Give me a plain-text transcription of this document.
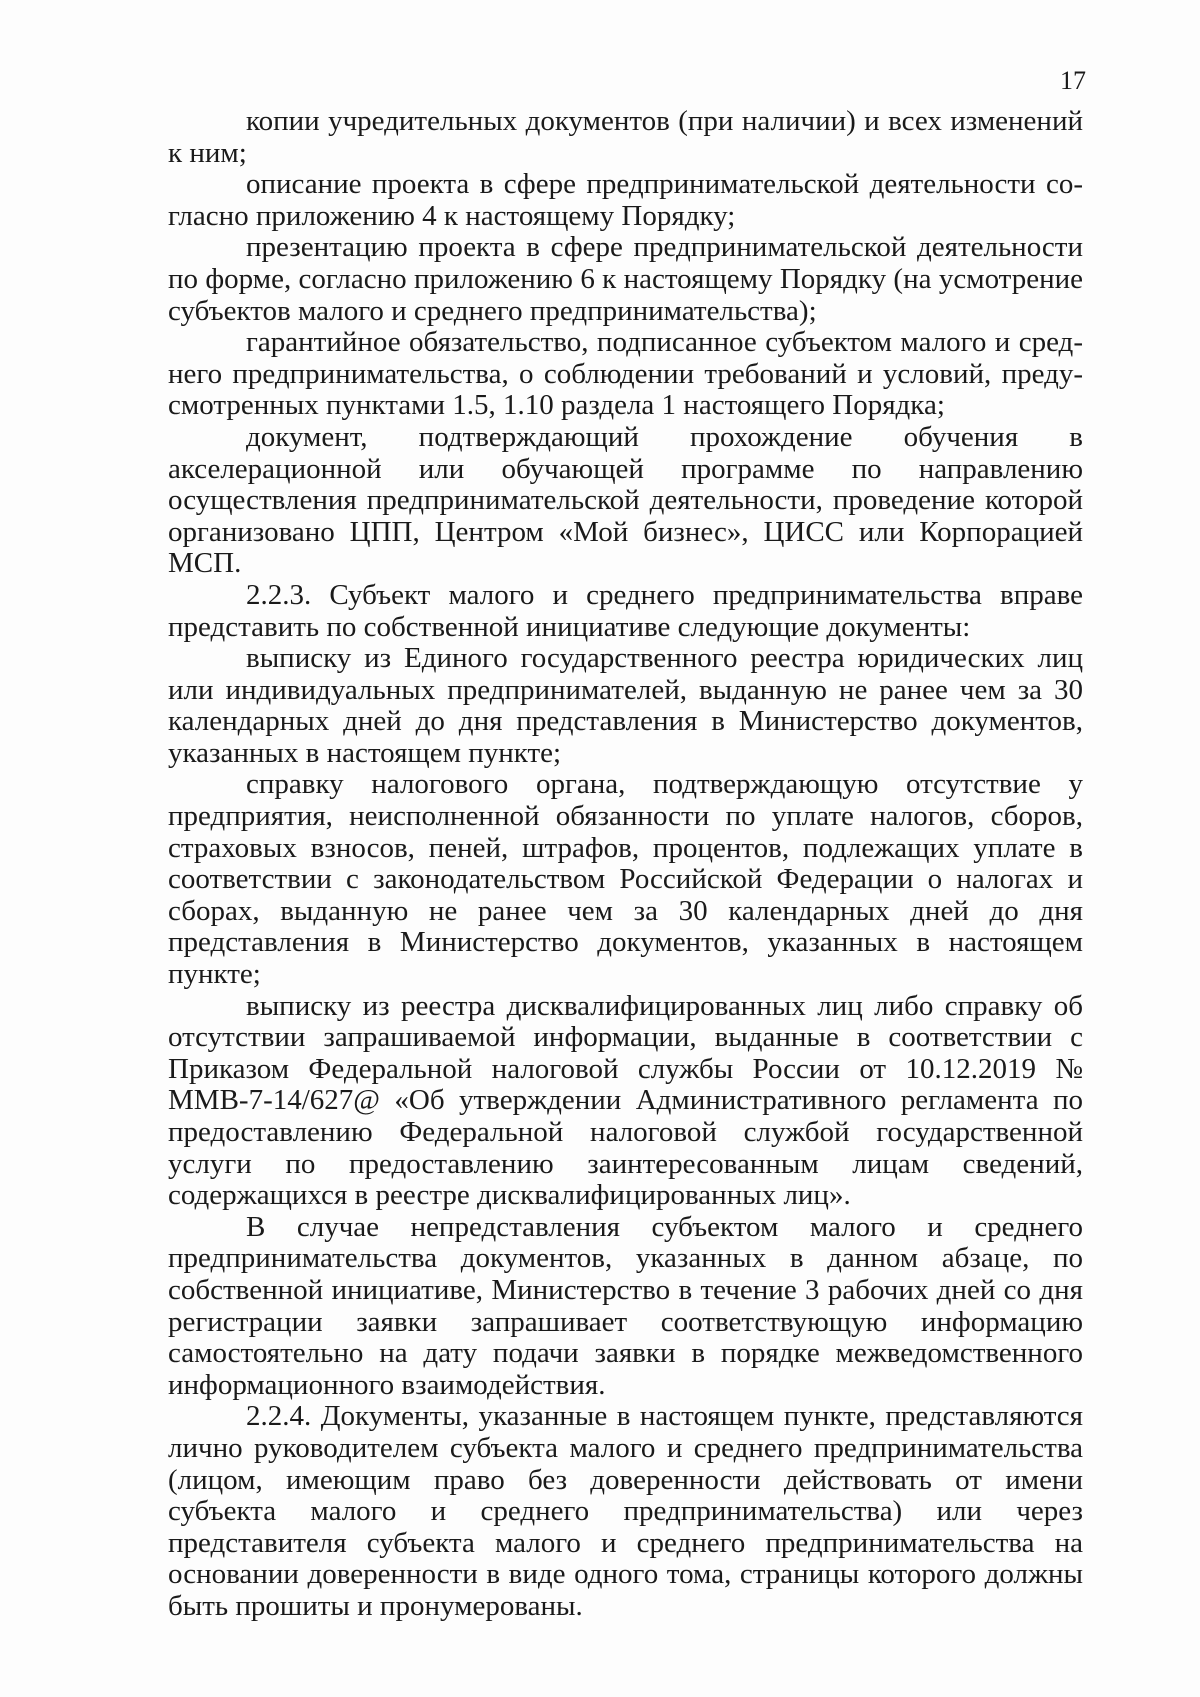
17

копии учредительных документов (при наличии) и всех изменений к ним;

описание проекта в сфере предпринимательской деятельности согласно приложению 4 к настоящему Порядку;

презентацию проекта в сфере предпринимательской деятельности по форме, согласно приложению 6 к настоящему Порядку (на усмотрение субъектов малого и среднего предпринимательства);

гарантийное обязательство, подписанное субъектом малого и среднего предпринимательства, о соблюдении требований и условий, предусмотренных пунктами 1.5, 1.10 раздела 1 настоящего Порядка;

документ, подтверждающий прохождение обучения в акселерационной или обучающей программе по направлению осуществления предпринимательской деятельности, проведение которой организовано ЦПП, Центром «Мой бизнес», ЦИСС или Корпорацией МСП.

2.2.3. Субъект малого и среднего предпринимательства вправе представить по собственной инициативе следующие документы:

выписку из Единого государственного реестра юридических лиц или индивидуальных предпринимателей, выданную не ранее чем за 30 календарных дней до дня представления в Министерство документов, указанных в настоящем пункте;

справку налогового органа, подтверждающую отсутствие у предприятия, неисполненной обязанности по уплате налогов, сборов, страховых взносов, пеней, штрафов, процентов, подлежащих уплате в соответствии с законодательством Российской Федерации о налогах и сборах, выданную не ранее чем за 30 календарных дней до дня представления в Министерство документов, указанных в настоящем пункте;

выписку из реестра дисквалифицированных лиц либо справку об отсутствии запрашиваемой информации, выданные в соответствии с Приказом Федеральной налоговой службы России от 10.12.2019 № ММВ-7-14/627@ «Об утверждении Административного регламента по предоставлению Федеральной налоговой службой государственной услуги по предоставлению заинтересованным лицам сведений, содержащихся в реестре дисквалифицированных лиц».

В случае непредставления субъектом малого и среднего предпринимательства документов, указанных в данном абзаце, по собственной инициативе, Министерство в течение 3 рабочих дней со дня регистрации заявки запрашивает соответствующую информацию самостоятельно на дату подачи заявки в порядке межведомственного информационного взаимодействия.

2.2.4. Документы, указанные в настоящем пункте, представляются лично руководителем субъекта малого и среднего предпринимательства (лицом, имеющим право без доверенности действовать от имени субъекта малого и среднего предпринимательства) или через представителя субъекта малого и среднего предпринимательства на основании доверенности в виде одного тома, страницы которого должны быть прошиты и пронумерованы.
